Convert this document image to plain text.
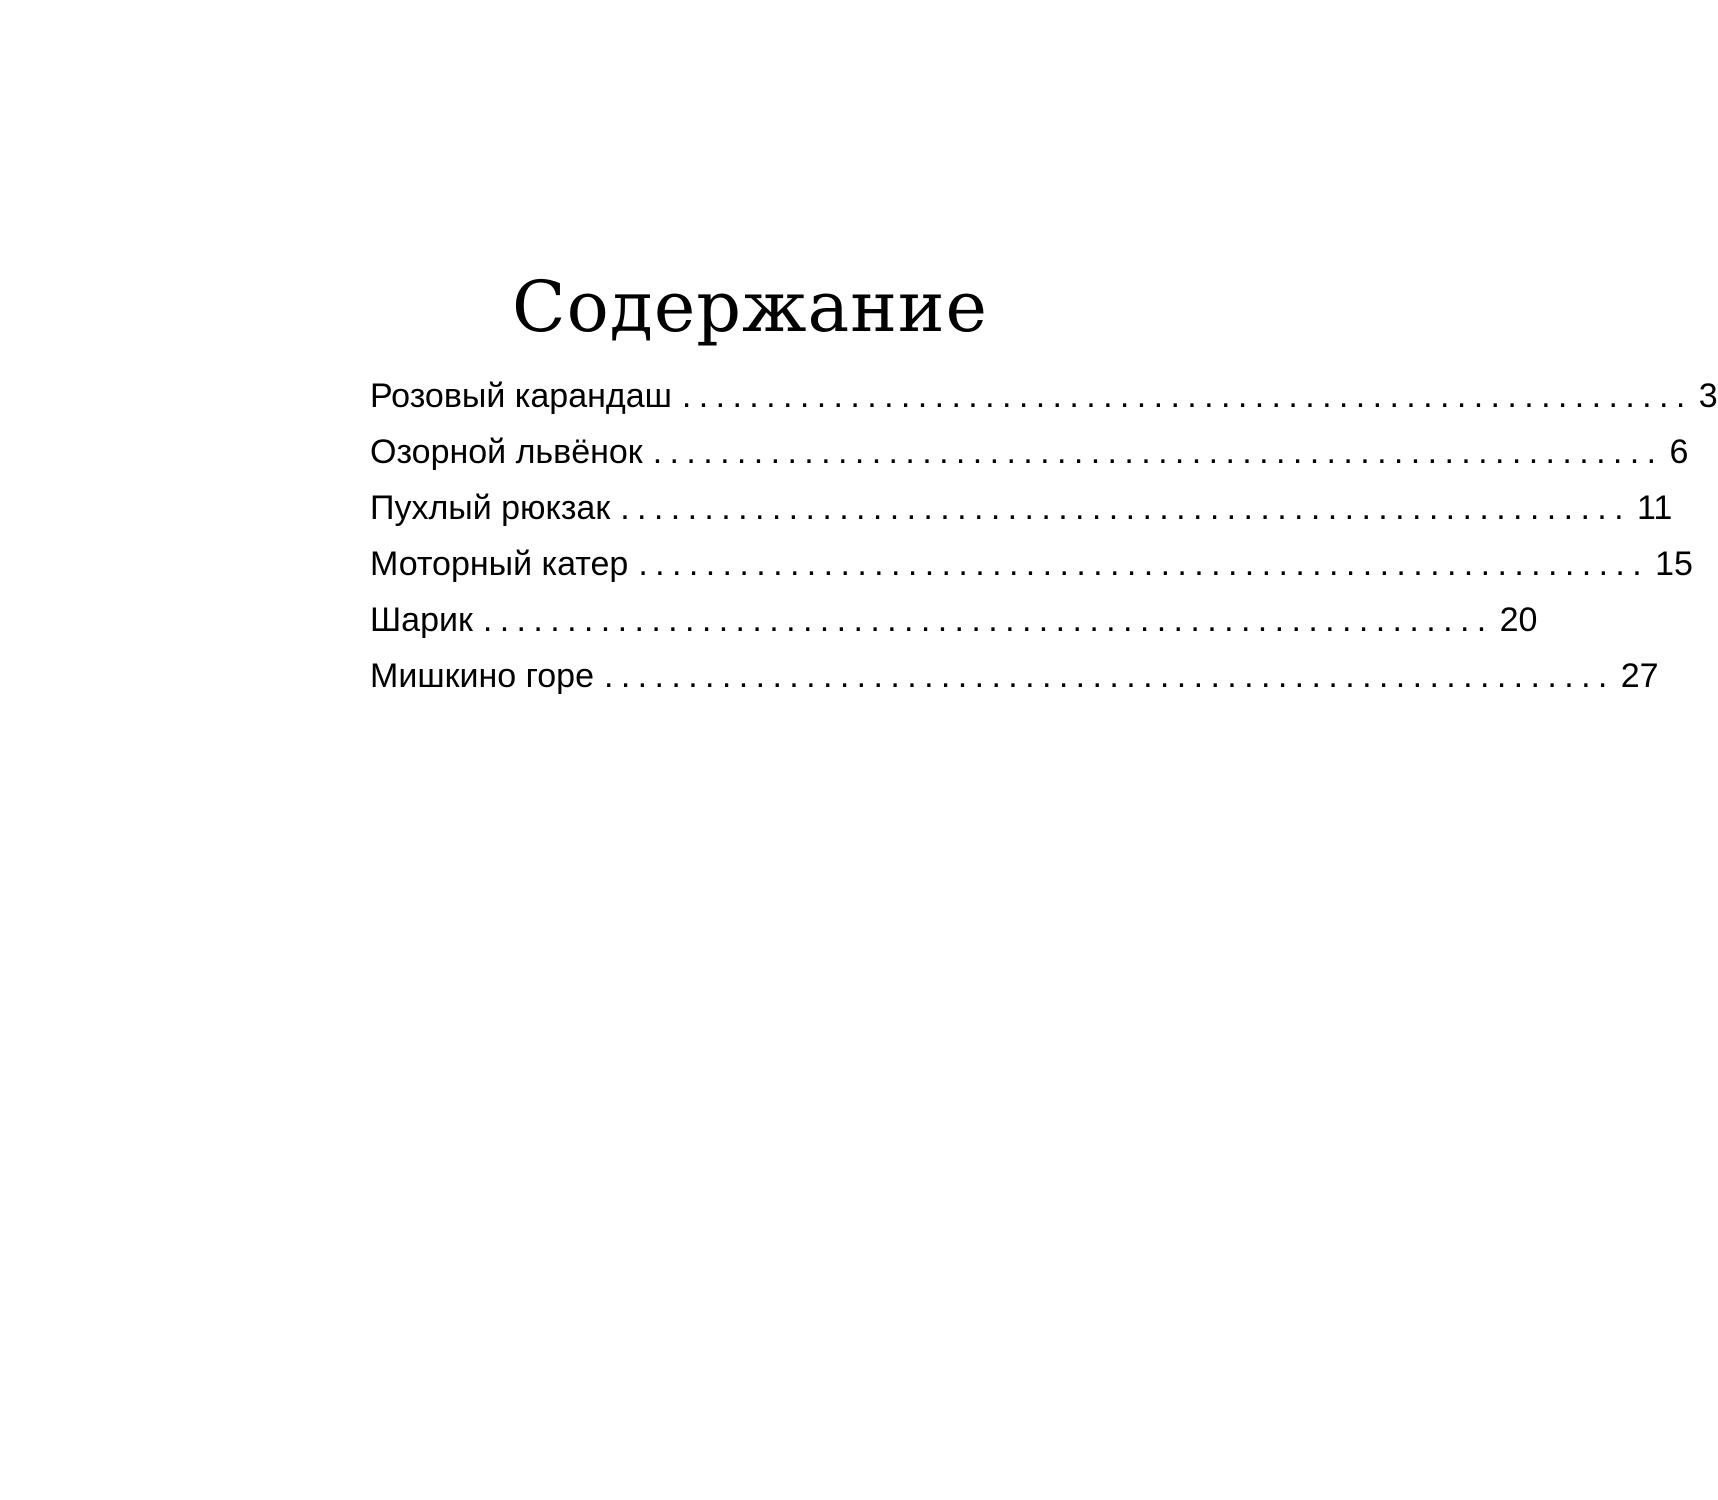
Содержание
Розовый карандаш ............................................................ 3
Озорной львёнок ............................................................ 6
Пухлый рюкзак ............................................................ 11
Моторный катер ............................................................ 15
Шарик ............................................................ 20
Мишкино горе ............................................................ 27
